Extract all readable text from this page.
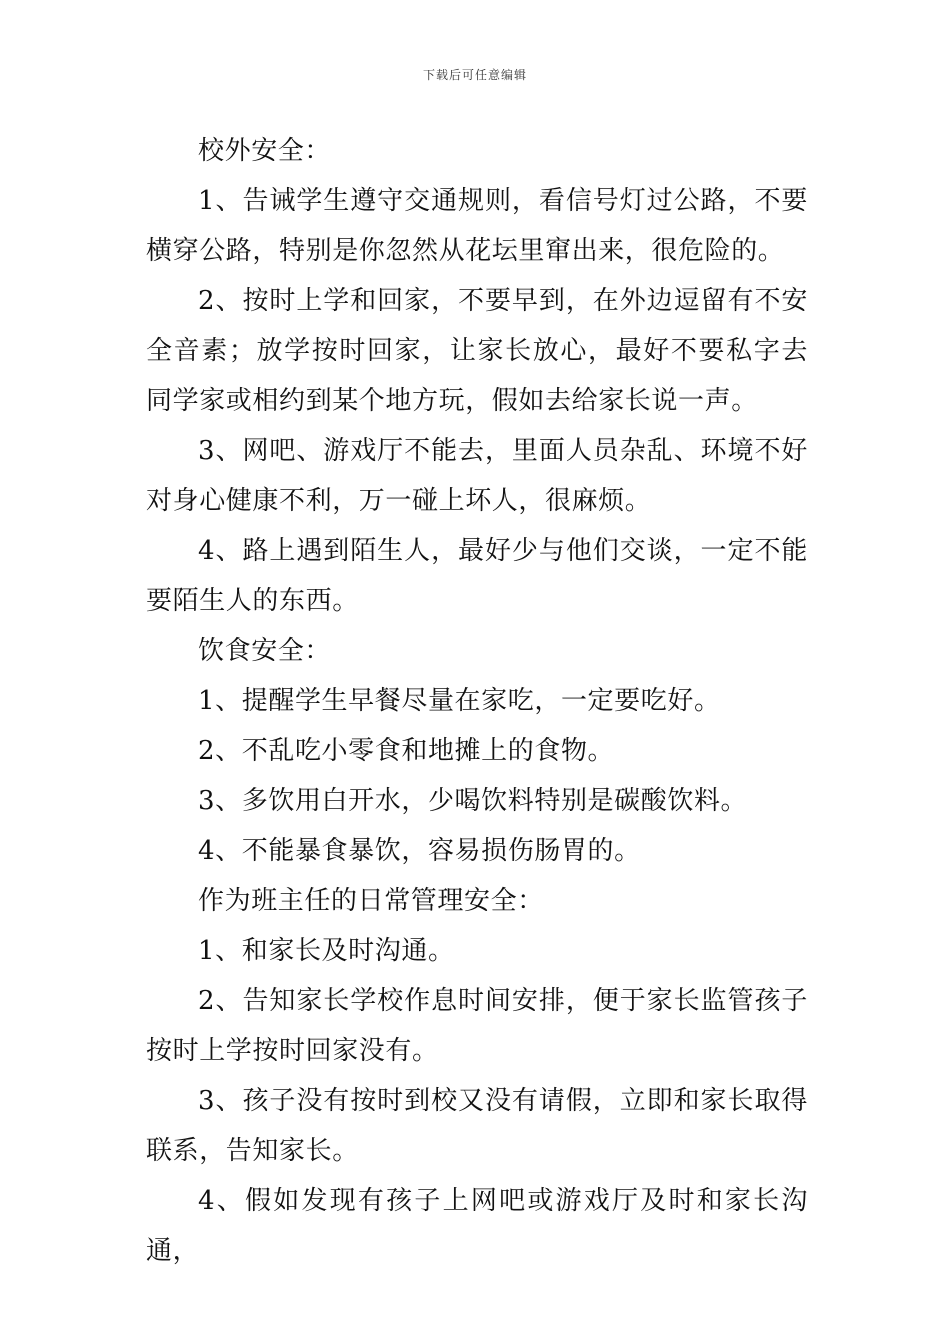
下载后可任意编辑

校外安全：

1、告诫学生遵守交通规则，看信号灯过公路，不要横穿公路，特别是你忽然从花坛里窜出来，很危险的。

2、按时上学和回家，不要早到，在外边逗留有不安全音素；放学按时回家，让家长放心，最好不要私字去同学家或相约到某个地方玩，假如去给家长说一声。

3、网吧、游戏厅不能去，里面人员杂乱、环境不好对身心健康不利，万一碰上坏人，很麻烦。

4、路上遇到陌生人，最好少与他们交谈，一定不能要陌生人的东西。

饮食安全：

1、提醒学生早餐尽量在家吃，一定要吃好。

2、不乱吃小零食和地摊上的食物。

3、多饮用白开水，少喝饮料特别是碳酸饮料。

4、不能暴食暴饮，容易损伤肠胃的。

作为班主任的日常管理安全：

1、和家长及时沟通。

2、告知家长学校作息时间安排，便于家长监管孩子按时上学按时回家没有。

3、孩子没有按时到校又没有请假，立即和家长取得联系，告知家长。

4、假如发现有孩子上网吧或游戏厅及时和家长沟通，
